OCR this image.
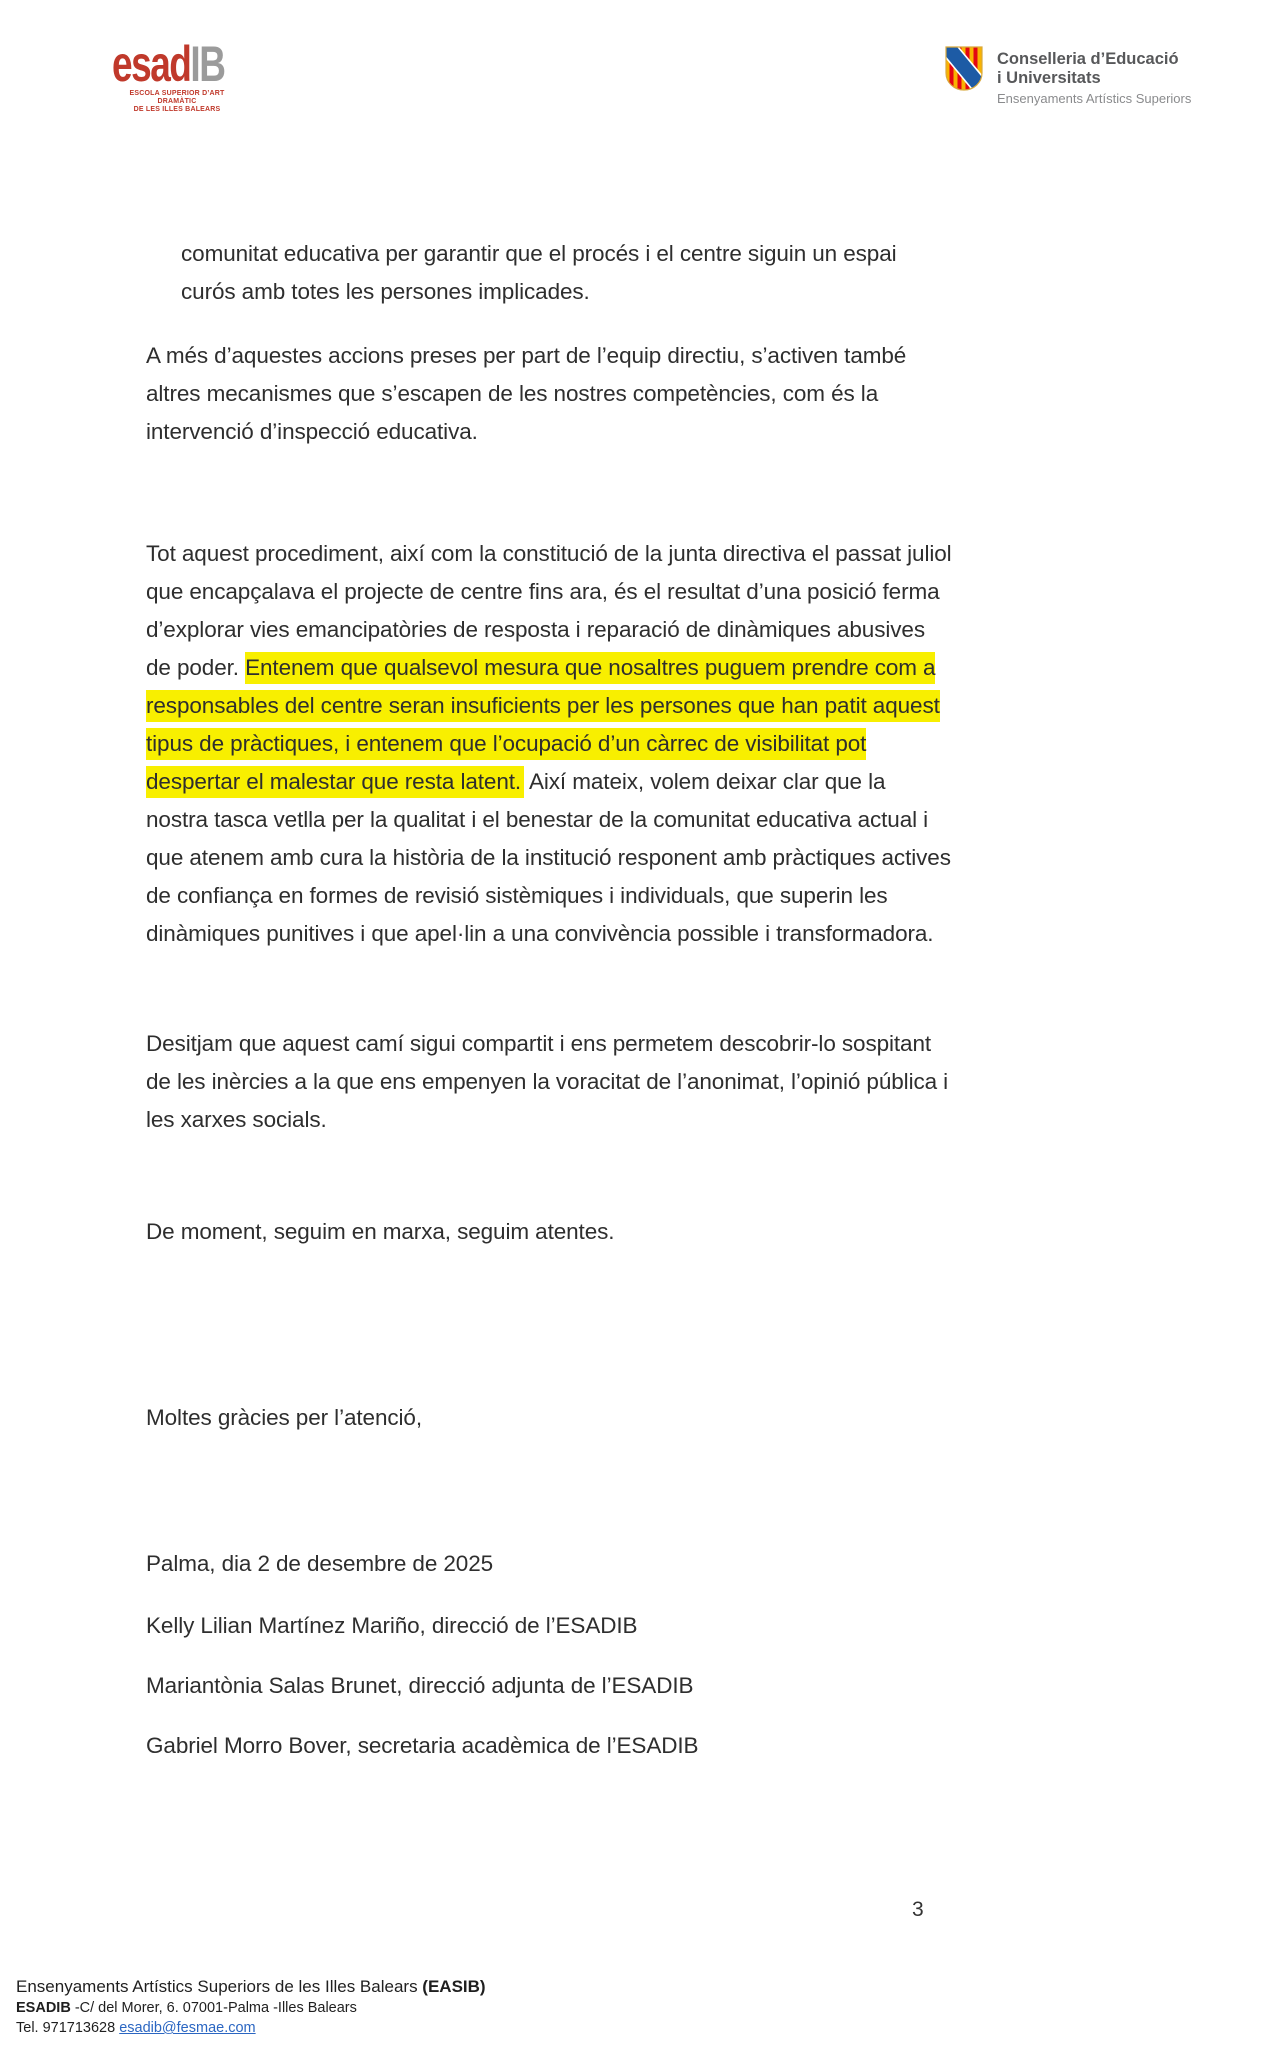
esadIB
ESCOLA SUPERIOR D’ART DRAMÀTIC
DE LES ILLES BALEARS
Conselleria d’Educació
i Universitats
Ensenyaments Artístics Superiors

comunitat educativa per garantir que el procés i el centre siguin un espai curós amb totes les persones implicades.

A més d’aquestes accions preses per part de l’equip directiu, s’activen també altres mecanismes que s’escapen de les nostres competències, com és la intervenció d’inspecció educativa.

Tot aquest procediment, així com la constitució de la junta directiva el passat juliol que encapçalava el projecte de centre fins ara, és el resultat d’una posició ferma d’explorar vies emancipatòries de resposta i reparació de dinàmiques abusives de poder. Entenem que qualsevol mesura que nosaltres puguem prendre com a responsables del centre seran insuficients per les persones que han patit aquest tipus de pràctiques, i entenem que l’ocupació d’un càrrec de visibilitat pot despertar el malestar que resta latent. Així mateix, volem deixar clar que la nostra tasca vetlla per la qualitat i el benestar de la comunitat educativa actual i que atenem amb cura la història de la institució responent amb pràctiques actives de confiança en formes de revisió sistèmiques i individuals, que superin les dinàmiques punitives i que apel·lin a una convivència possible i transformadora.

Desitjam que aquest camí sigui compartit i ens permetem descobrir-lo sospitant de les inèrcies a la que ens empenyen la voracitat de l’anonimat, l’opinió pública i les xarxes socials.

De moment, seguim en marxa, seguim atentes.

Moltes gràcies per l’atenció,

Palma, dia 2 de desembre de 2025

Kelly Lilian Martínez Mariño, direcció de l’ESADIB

Mariantònia Salas Brunet, direcció adjunta de l’ESADIB

Gabriel Morro Bover, secretaria acadèmica de l’ESADIB

3
Ensenyaments Artístics Superiors de les Illes Balears (EASIB)
ESADIB -C/ del Morer, 6. 07001-Palma -Illes Balears
Tel. 971713628 esadib@fesmae.com
